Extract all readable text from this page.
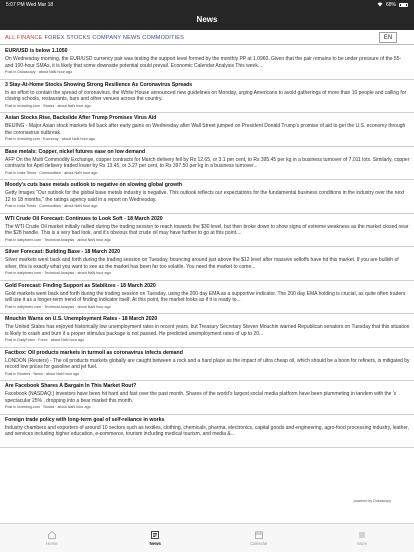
5:07 PM Wed Mar 18	68%
News
ALL FINANCE FOREX STOCKS COMPANY NEWS COMMODITIES	EN
EUR/USD is below 1.1050
On Wednesday morning, the EUR/USD currency pair was testing the support level formed by the monthly PP at 1.0960. Given that the pair remains to be under pressure of the 55- and 100-hour SMAs, it is likely that some downside potential could prevail. Economic Calendar Analysis This week...
Post in Dukascopy · about NaN hour ago
3 Stay-At-Home Stocks Showing Strong Resilience As Coronavirus Spreads
In an effort to contain the spread of coronavirus, the White House announced new guidelines on Monday, urging Americans to avoid gatherings of more than 10 people and calling for closing schools, restaurants, bars and other venues across the country.
Post in investing.com · Stocks · about NaN hour ago
Asian Stocks Rise, Backslide After Trump Promises Virus Aid
BEIJING - Major Asian stock markets fell back after early gains on Wednesday after Wall Street jumped on President Donald Trump's promise of aid to get the U.S. economy through the coronavirus outbreak.
Post in investing.com · Economy · about NaN hour ago
Base metals: Copper, nickel futures ease on low demand
AFP On the Multi Commodity Exchange, copper contracts for March delivery fell by Rs 12.65, or 3.1 per cent, to Rs 395.45 per kg in a business turnover of 7,011 lots. Similarly, copper contracts for April delivery traded lower by Rs 13.45, or 3.27 per cent, to Rs 397.50 per kg in a business turnover...
Post in India Times · Commodities · about NaN hour ago
Moody's cuts base metals outlook to negative on slowing global growth
Getty Images "Our outlook for the global base metals industry is negative. This outlook reflects our expectations for the fundamental business conditions in the industry over the next 12 to 18 months," the ratings agency said in a report on Wednesday.
Post in India Times · Commodities · about NaN hour ago
WTI Crude Oil Forecast: Continues to Look Soft - 18 March 2020
The WTI Crude Oil market initially rallied during the trading session to reach towards the $30 level, but then broke down to show signs of extreme weakness as the market closed near the $28 handle. This is a very bad look, and it's obvious that crude oil may have further to go at this point....
Post in dailyforex.com · Technical Analysis · about NaN hour ago
Silver Forecast: Building Base - 18 March 2020
Silver markets went back and forth during the trading session on Tuesday, bouncing around just above the $12 level after massive selloffs have hit this market. If you are bullish of silver, this is exactly what you want to see as the market has been far too volatile. You need the market to come...
Post in dailyforex.com · Technical Analysis · about NaN hour ago
Gold Forecast: Finding Support as Stabilizes - 18 March 2020
Gold markets went back and forth during the trading session on Tuesday, using the 200 day EMA as a supportive indicator. The 200 day EMA holding is crucial, as quite often traders will use it as a longer-term trend of finding indicator itself. At this point, the market looks as if it is ready to...
Post in dailyforex.com · Technical Analysis · about NaN hour ago
Mnuchin Warns on U.S. Unemployment Rates - 18 March 2020
The United States has enjoyed historically low unemployment rates in recent years, but Treasury Secretary Steven Mnuchin warned Republican senators on Tuesday that this situation is likely to crash and burn if a proper stimulus package is not passed. He predicted unemployment rates of up to 20...
Post in DailyForex · Forex · about NaN hour ago
Factbox: Oil products markets in turmoil as coronavirus infects demand
LONDON (Reuters) - The oil products markets globally are caught between a rock and a hard place as the impact of ultra cheap oil, which should be a boon for refiners, is mitigated by record low prices for gasoline and jet fuel.
Post in Reuters · News · about NaN hour ago
Are Facebook Shares A Bargain In This Market Rout?
Facebook (NASDAQ:) investors have been hit hard and fast over the past month. Shares of the world's largest social media platform have been plummeting in tandem with the 's spectacular 25% , dropping into a bear market this month.
Post in investing.com · Stocks · about NaN hour ago
Foreign trade policy with long-term goal of self-reliance in works
Industry chambers and exporters of around 10 sectors such as textiles, clothing, chemicals, pharma, electronics, capital goods and engineering, agro-food processing industry, leather, and services including higher education, e-commerce, tourism including medical tourism, and media &...
powered by Dukascopy
Home	News	Calendar	More
